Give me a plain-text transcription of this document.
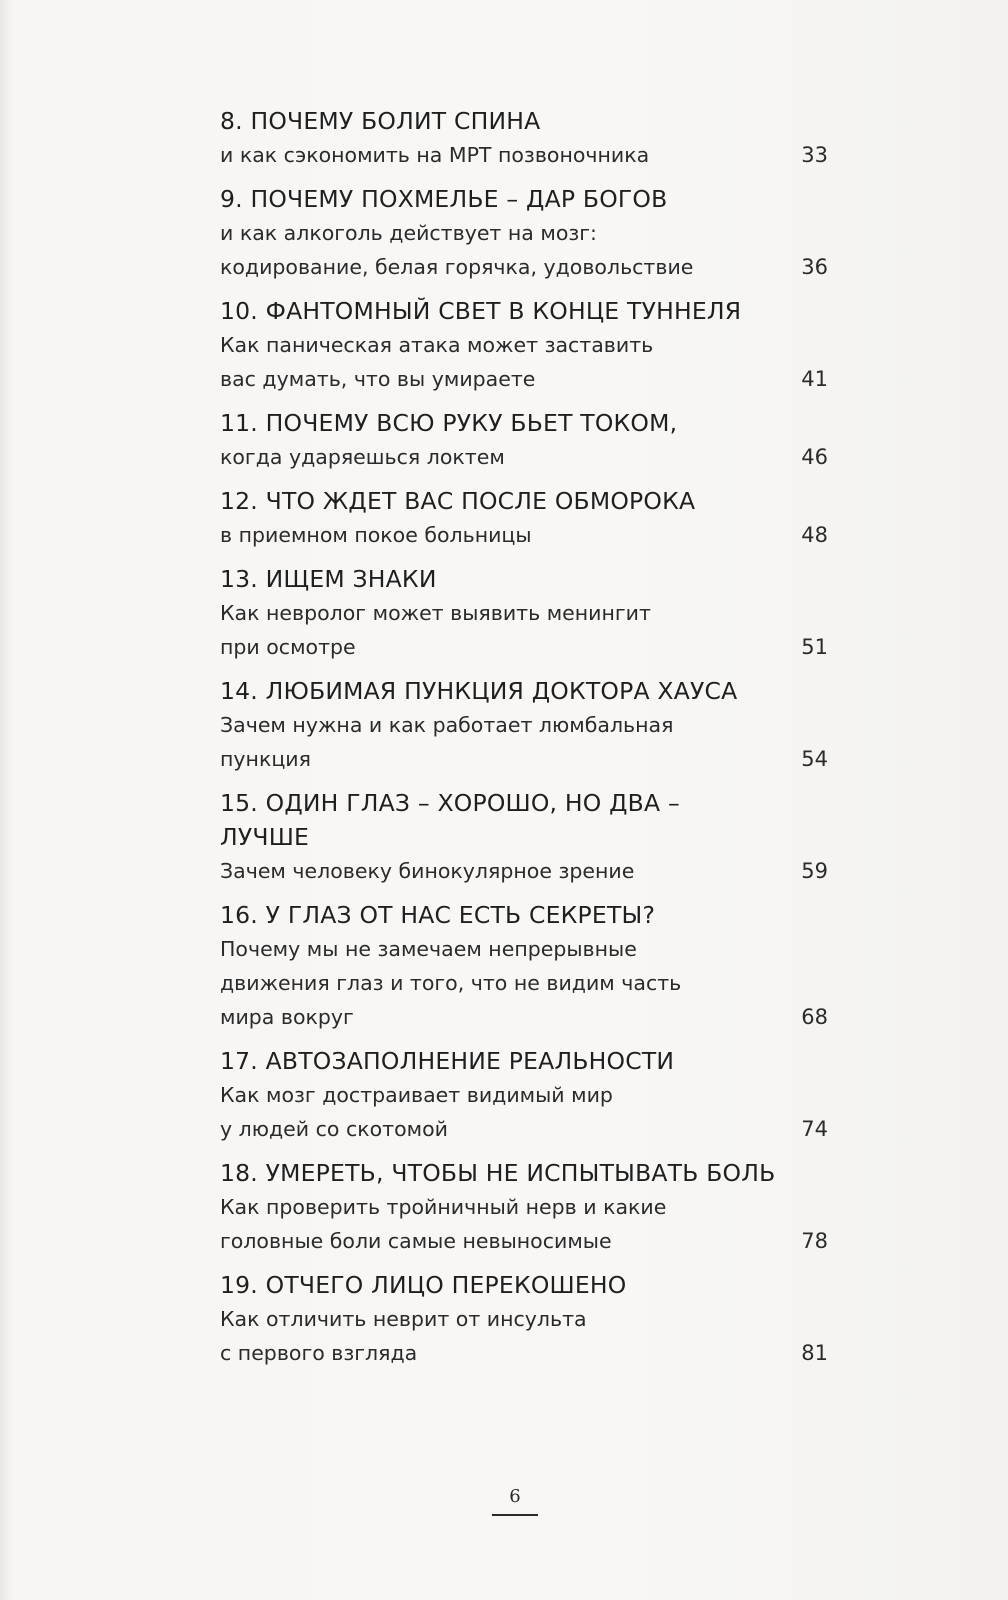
8. ПОЧЕМУ БОЛИТ СПИНА
и как сэкономить на МРТ позвоночника	33
9. ПОЧЕМУ ПОХМЕЛЬЕ – ДАР БОГОВ
и как алкоголь действует на мозг:
кодирование, белая горячка, удовольствие	36
10. ФАНТОМНЫЙ СВЕТ В КОНЦЕ ТУННЕЛЯ
Как паническая атака может заставить
вас думать, что вы умираете	41
11. ПОЧЕМУ ВСЮ РУКУ БЬЕТ ТОКОМ,
когда ударяешься локтем	46
12. ЧТО ЖДЕТ ВАС ПОСЛЕ ОБМОРОКА
в приемном покое больницы	48
13. ИЩЕМ ЗНАКИ
Как невролог может выявить менингит
при осмотре	51
14. ЛЮБИМАЯ ПУНКЦИЯ ДОКТОРА ХАУСА
Зачем нужна и как работает люмбальная
пункция	54
15. ОДИН ГЛАЗ – ХОРОШО, НО ДВА –
ЛУЧШЕ
Зачем человеку бинокулярное зрение	59
16. У ГЛАЗ ОТ НАС ЕСТЬ СЕКРЕТЫ?
Почему мы не замечаем непрерывные
движения глаз и того, что не видим часть
мира вокруг	68
17. АВТОЗАПОЛНЕНИЕ РЕАЛЬНОСТИ
Как мозг достраивает видимый мир
у людей со скотомой	74
18. УМЕРЕТЬ, ЧТОБЫ НЕ ИСПЫТЫВАТЬ БОЛЬ
Как проверить тройничный нерв и какие
головные боли самые невыносимые	78
19. ОТЧЕГО ЛИЦО ПЕРЕКОШЕНО
Как отличить неврит от инсульта
с первого взгляда	81
6
